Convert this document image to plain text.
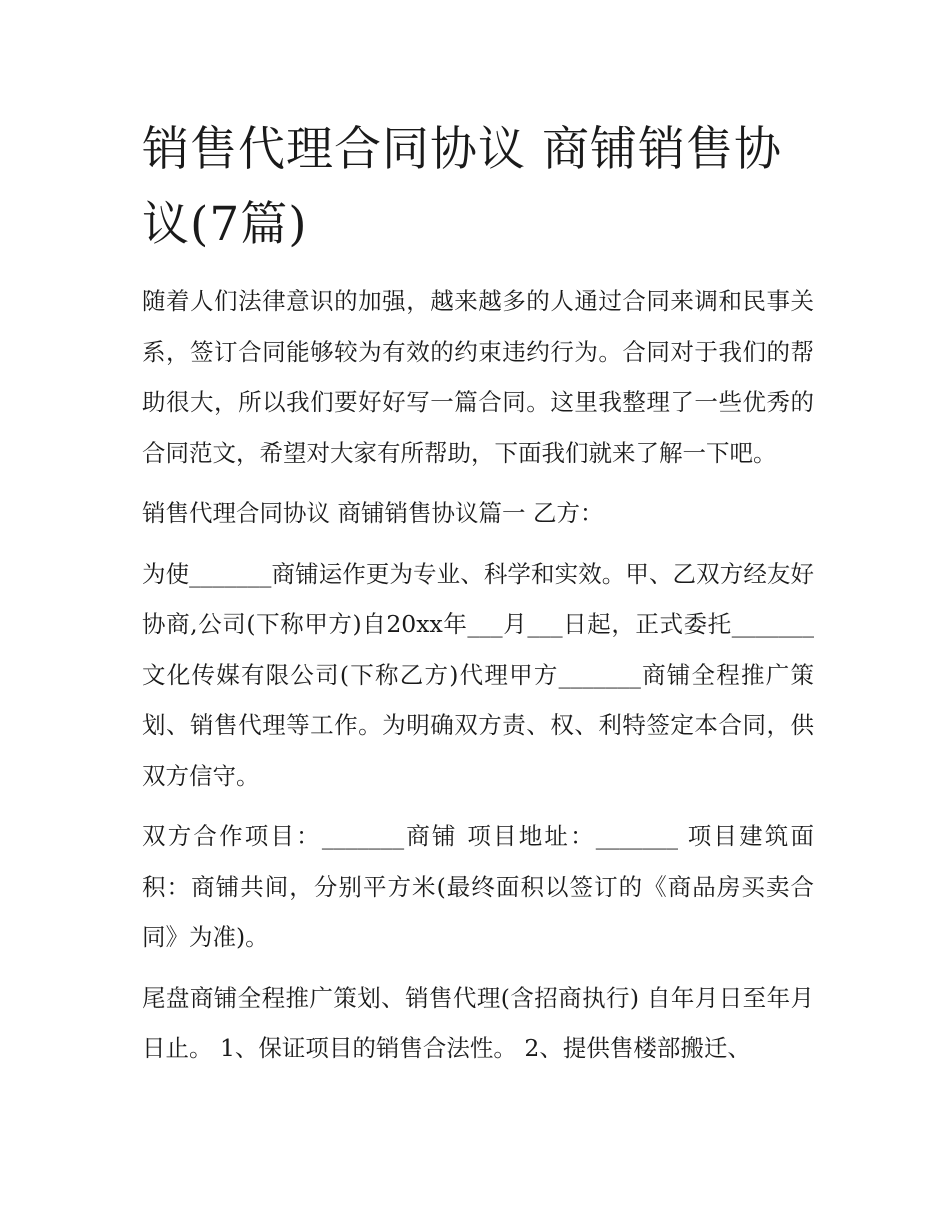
销售代理合同协议 商铺销售协议(7篇)

随着人们法律意识的加强，越来越多的人通过合同来调和民事关系，签订合同能够较为有效的约束违约行为。合同对于我们的帮助很大，所以我们要好好写一篇合同。这里我整理了一些优秀的合同范文，希望对大家有所帮助，下面我们就来了解一下吧。

销售代理合同协议 商铺销售协议篇一 乙方：

为使_______商铺运作更为专业、科学和实效。甲、乙双方经友好协商,公司(下称甲方)自20xx年___月___日起，正式委托_______文化传媒有限公司(下称乙方)代理甲方_______商铺全程推广策划、销售代理等工作。为明确双方责、权、利特签定本合同，供双方信守。

双方合作项目：_______商铺 项目地址：_______ 项目建筑面积：商铺共间，分别平方米(最终面积以签订的《商品房买卖合同》为准)。

尾盘商铺全程推广策划、销售代理(含招商执行) 自年月日至年月日止。 1、保证项目的销售合法性。 2、提供售楼部搬迁、
